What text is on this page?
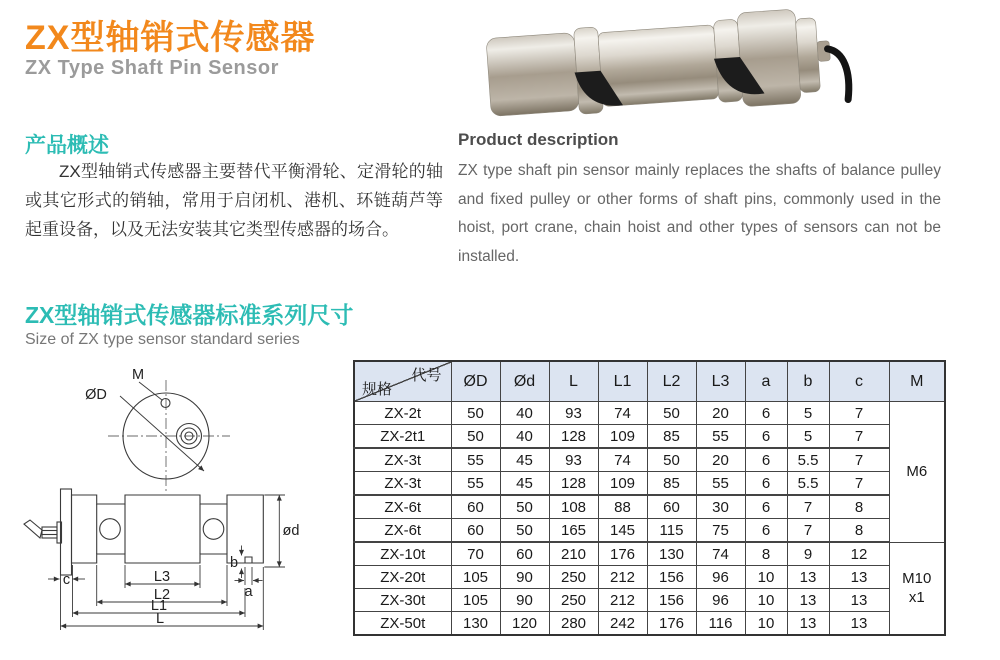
ZX型轴销式传感器
ZX Type Shaft Pin Sensor
产品概述
ZX型轴销式传感器主要替代平衡滑轮、定滑轮的轴或其它形式的销轴，常用于启闭机、港机、环链葫芦等起重设备，以及无法安装其它类型传感器的场合。
Product description
ZX type shaft pin sensor mainly replaces the shafts of balance pulley and fixed pulley or other forms of shaft pins, commonly used in the hoist, port crane, chain hoist and other types of sensors can not be installed.
ZX型轴销式传感器标准系列尺寸
Size of ZX type sensor standard series
M
ØD
ød
b
a
c	L3
L2
L1
L
代号
规格	ØD	Ød	L	L1	L2	L3	a	b	c	M
ZX-2t	50	40	93	74	50	20	6	5	7	M6

ZX-2t1	50	40	128	109	85	55	6	5	7	
ZX-3t	55	45	93	74	50	20	6	5.5	7	
ZX-3t	55	45	128	109	85	55	6	5.5	7	
ZX-6t	60	50	108	88	60	30	6	7	8	
ZX-6t	60	50	165	145	115	75	6	7	8	
ZX-10t	70	60	210	176	130	74	8	9	12	M10
x1

ZX-20t	105	90	250	212	156	96	10	13	13	
ZX-30t	105	90	250	212	156	96	10	13	13	
ZX-50t	130	120	280	242	176	116	10	13	13	
